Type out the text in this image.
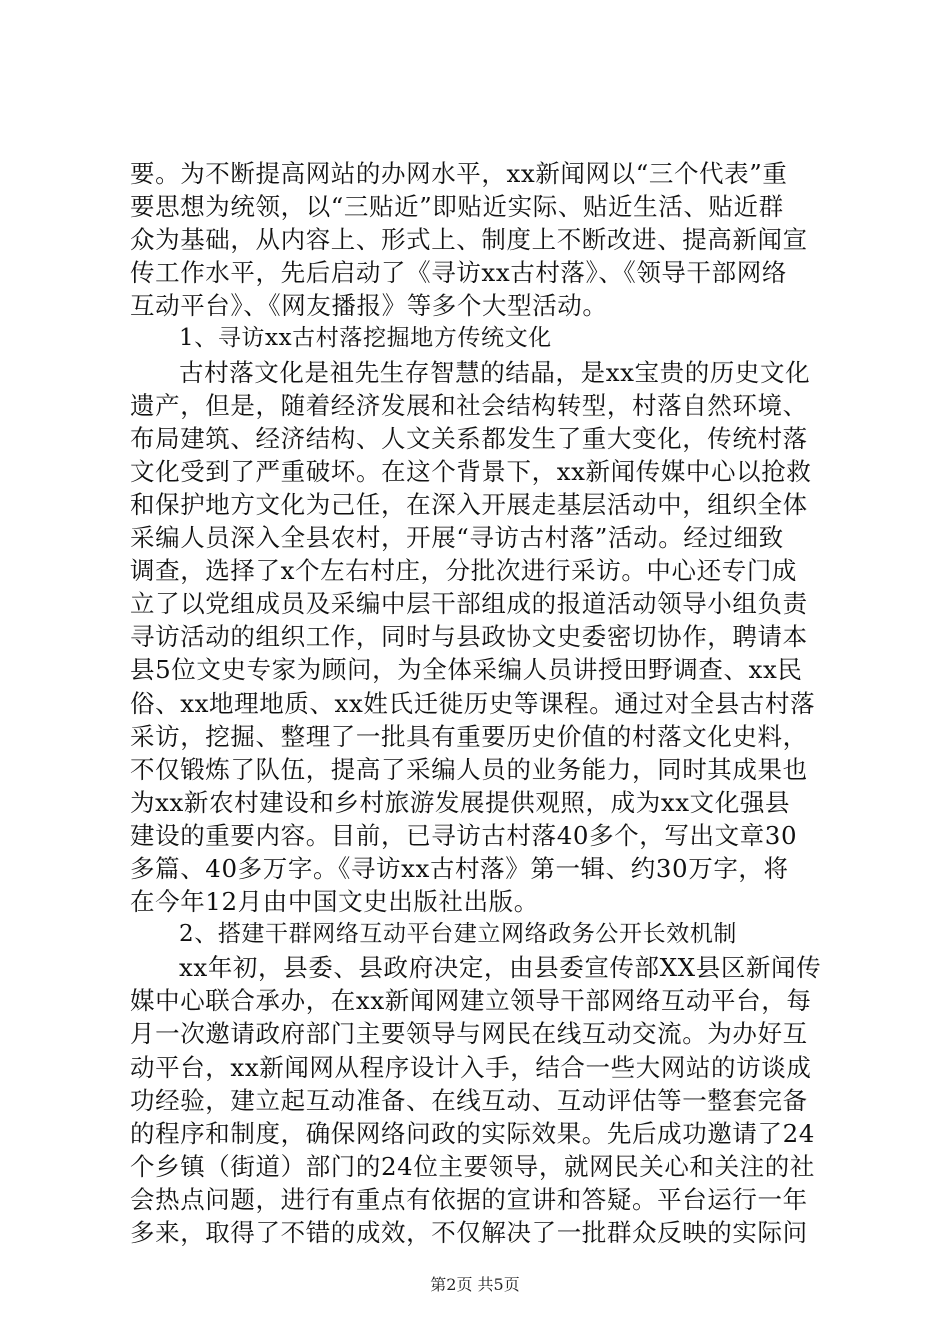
要。为不断提高网站的办网水平，xx新闻网以“三个代表”重
要思想为统领，以“三贴近”即贴近实际、贴近生活、贴近群
众为基础，从内容上、形式上、制度上不断改进、提高新闻宣
传工作水平，先后启动了《寻访xx古村落》、《领导干部网络
互动平台》、《网友播报》等多个大型活动。
1、寻访xx古村落挖掘地方传统文化
古村落文化是祖先生存智慧的结晶，是xx宝贵的历史文化
遗产，但是，随着经济发展和社会结构转型，村落自然环境、
布局建筑、经济结构、人文关系都发生了重大变化，传统村落
文化受到了严重破坏。在这个背景下，xx新闻传媒中心以抢救
和保护地方文化为己任，在深入开展走基层活动中，组织全体
采编人员深入全县农村，开展“寻访古村落”活动。经过细致
调查，选择了x个左右村庄，分批次进行采访。中心还专门成
立了以党组成员及采编中层干部组成的报道活动领导小组负责
寻访活动的组织工作，同时与县政协文史委密切协作，聘请本
县5位文史专家为顾问，为全体采编人员讲授田野调查、xx民
俗、xx地理地质、xx姓氏迁徙历史等课程。通过对全县古村落
采访，挖掘、整理了一批具有重要历史价值的村落文化史料，
不仅锻炼了队伍，提高了采编人员的业务能力，同时其成果也
为xx新农村建设和乡村旅游发展提供观照，成为xx文化强县
建设的重要内容。目前，已寻访古村落40多个，写出文章30
多篇、40多万字。《寻访xx古村落》第一辑、约30万字，将
在今年12月由中国文史出版社出版。
2、搭建干群网络互动平台建立网络政务公开长效机制
xx年初，县委、县政府决定，由县委宣传部XX县区新闻传
媒中心联合承办，在xx新闻网建立领导干部网络互动平台，每
月一次邀请政府部门主要领导与网民在线互动交流。为办好互
动平台，xx新闻网从程序设计入手，结合一些大网站的访谈成
功经验，建立起互动准备、在线互动、互动评估等一整套完备
的程序和制度，确保网络问政的实际效果。先后成功邀请了24
个乡镇（街道）部门的24位主要领导，就网民关心和关注的社
会热点问题，进行有重点有依据的宣讲和答疑。平台运行一年
多来，取得了不错的成效，不仅解决了一批群众反映的实际问
第2页 共5页
